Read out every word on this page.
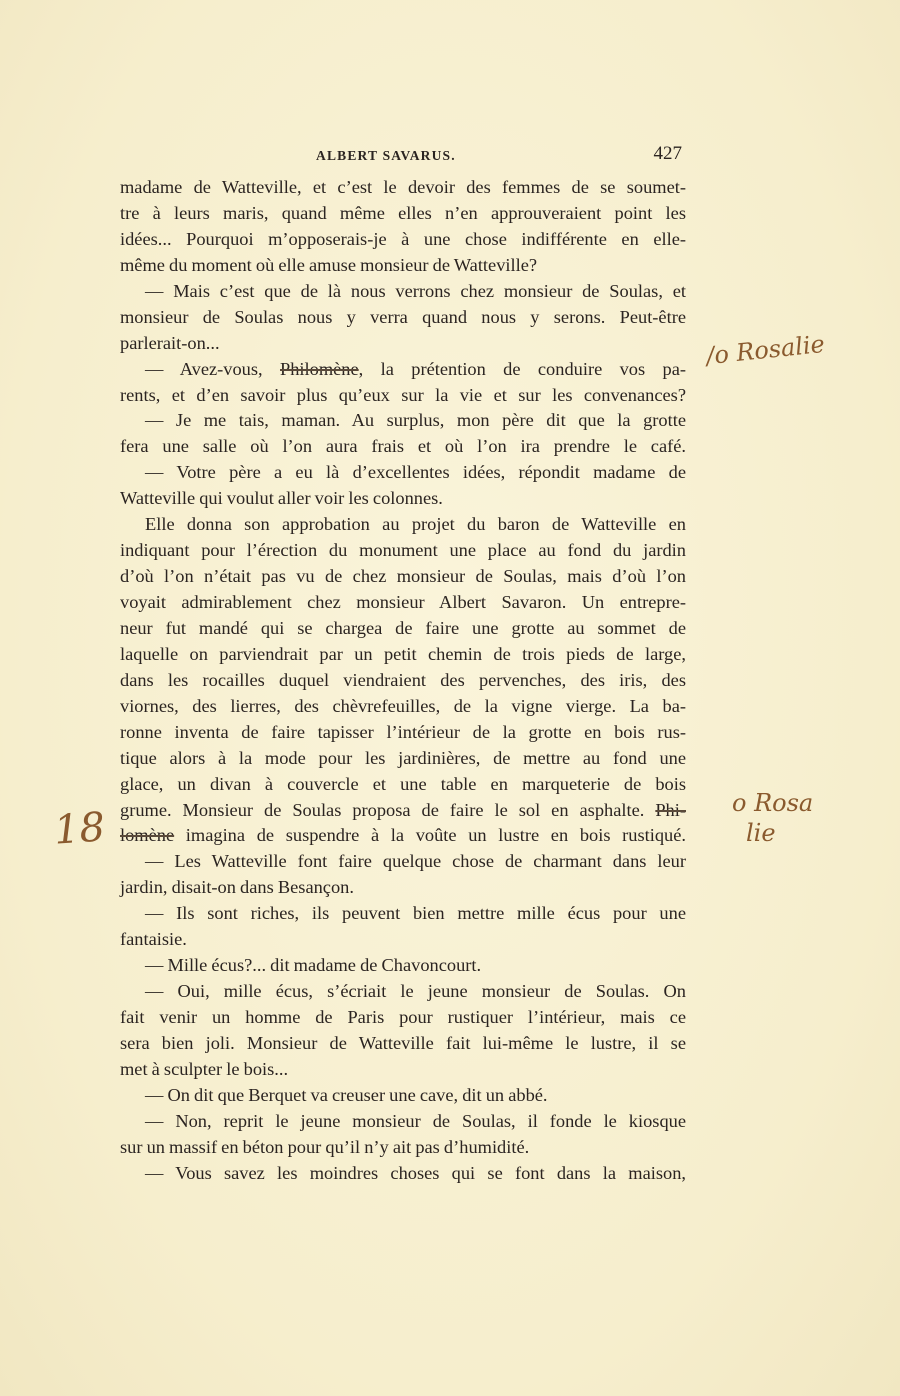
ALBERT SAVARUS.	427
madame de Watteville, et c’est le devoir des femmes de se soumet-
tre à leurs maris, quand même elles n’en approuveraient point les
idées... Pourquoi m’opposerais-je à une chose indifférente en elle-
même du moment où elle amuse monsieur de Watteville?
— Mais c’est que de là nous verrons chez monsieur de Soulas, et
monsieur de Soulas nous y verra quand nous y serons. Peut-être
parlerait-on...
— Avez-vous, Philomène, la prétention de conduire vos pa-
rents, et d’en savoir plus qu’eux sur la vie et sur les convenances?
— Je me tais, maman. Au surplus, mon père dit que la grotte
fera une salle où l’on aura frais et où l’on ira prendre le café.
— Votre père a eu là d’excellentes idées, répondit madame de
Watteville qui voulut aller voir les colonnes.
Elle donna son approbation au projet du baron de Watteville en
indiquant pour l’érection du monument une place au fond du jardin
d’où l’on n’était pas vu de chez monsieur de Soulas, mais d’où l’on
voyait admirablement chez monsieur Albert Savaron. Un entrepre-
neur fut mandé qui se chargea de faire une grotte au sommet de
laquelle on parviendrait par un petit chemin de trois pieds de large,
dans les rocailles duquel viendraient des pervenches, des iris, des
viornes, des lierres, des chèvrefeuilles, de la vigne vierge. La ba-
ronne inventa de faire tapisser l’intérieur de la grotte en bois rus-
tique alors à la mode pour les jardinières, de mettre au fond une
glace, un divan à couvercle et une table en marqueterie de bois
grume. Monsieur de Soulas proposa de faire le sol en asphalte. Phi-
lomène imagina de suspendre à la voûte un lustre en bois rustiqué.
— Les Watteville font faire quelque chose de charmant dans leur
jardin, disait-on dans Besançon.
— Ils sont riches, ils peuvent bien mettre mille écus pour une
fantaisie.
— Mille écus?... dit madame de Chavoncourt.
— Oui, mille écus, s’écriait le jeune monsieur de Soulas. On
fait venir un homme de Paris pour rustiquer l’intérieur, mais ce
sera bien joli. Monsieur de Watteville fait lui-même le lustre, il se
met à sculpter le bois...
— On dit que Berquet va creuser une cave, dit un abbé.
— Non, reprit le jeune monsieur de Soulas, il fonde le kiosque
sur un massif en béton pour qu’il n’y ait pas d’humidité.
— Vous savez les moindres choses qui se font dans la maison,
/o Rosalie
o Rosa
lie
18
